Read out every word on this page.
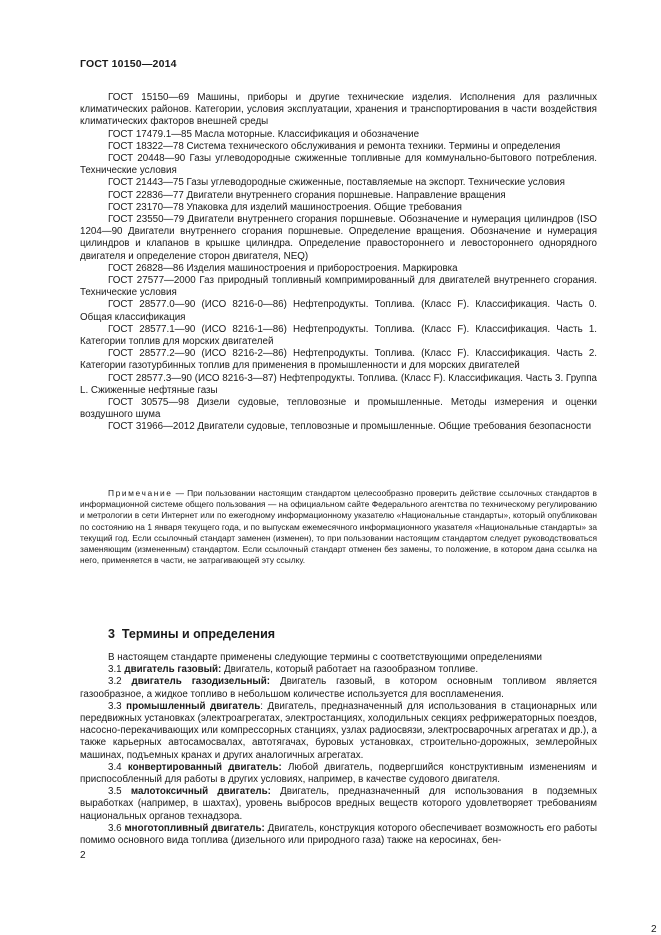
ГОСТ 10150—2014

ГОСТ 15150—69 Машины, приборы и другие технические изделия. Исполнения для различных климатических районов. Категории, условия эксплуатации, хранения и транспортирования в части воздействия климатических факторов внешней среды

ГОСТ 17479.1—85 Масла моторные. Классификация и обозначение

ГОСТ 18322—78 Система технического обслуживания и ремонта техники. Термины и определения

ГОСТ 20448—90 Газы углеводородные сжиженные топливные для коммунально-бытового потребления. Технические условия

ГОСТ 21443—75 Газы углеводородные сжиженные, поставляемые на экспорт. Технические условия

ГОСТ 22836—77 Двигатели внутреннего сгорания поршневые. Направление вращения

ГОСТ 23170—78 Упаковка для изделий машиностроения. Общие требования

ГОСТ 23550—79 Двигатели внутреннего сгорания поршневые. Обозначение и нумерация цилиндров (ISO 1204—90 Двигатели внутреннего сгорания поршневые. Определение вращения. Обозначение и нумерация цилиндров и клапанов в крышке цилиндра. Определение правостороннего и левостороннего однорядного двигателя и определение сторон двигателя, NEQ)

ГОСТ 26828—86 Изделия машиностроения и приборостроения. Маркировка

ГОСТ 27577—2000 Газ природный топливный компримированный для двигателей внутреннего сгорания. Технические условия

ГОСТ 28577.0—90 (ИСО 8216-0—86) Нефтепродукты. Топлива. (Класс F). Классификация. Часть 0. Общая классификация

ГОСТ 28577.1—90 (ИСО 8216-1—86) Нефтепродукты. Топлива. (Класс F). Классификация. Часть 1. Категории топлив для морских двигателей

ГОСТ 28577.2—90 (ИСО 8216-2—86) Нефтепродукты. Топлива. (Класс F). Классификация. Часть 2. Категории газотурбинных топлив для применения в промышленности и для морских двигателей

ГОСТ 28577.3—90 (ИСО 8216-3—87) Нефтепродукты. Топлива. (Класс F). Классификация. Часть 3. Группа L. Сжиженные нефтяные газы

ГОСТ 30575—98 Дизели судовые, тепловозные и промышленные. Методы измерения и оценки воздушного шума

ГОСТ 31966—2012 Двигатели судовые, тепловозные и промышленные. Общие требования безопасности

Примечание — При пользовании настоящим стандартом целесообразно проверить действие ссылочных стандартов в информационной системе общего пользования — на официальном сайте Федерального агентства по техническому регулированию и метрологии в сети Интернет или по ежегодному информационному указателю «Национальные стандарты», который опубликован по состоянию на 1 января текущего года, и по выпускам ежемесячного информационного указателя «Национальные стандарты» за текущий год. Если ссылочный стандарт заменен (изменен), то при пользовании настоящим стандартом следует руководствоваться заменяющим (измененным) стандартом. Если ссылочный стандарт отменен без замены, то положение, в котором дана ссылка на него, применяется в части, не затрагивающей эту ссылку.

3 Термины и определения

В настоящем стандарте применены следующие термины с соответствующими определениями

3.1 двигатель газовый: Двигатель, который работает на газообразном топливе.

3.2 двигатель газодизельный: Двигатель газовый, в котором основным топливом является газообразное, а жидкое топливо в небольшом количестве используется для воспламенения.

3.3 промышленный двигатель: Двигатель, предназначенный для использования в стационарных или передвижных установках (электроагрегатах, электростанциях, холодильных секциях рефрижераторных поездов, насосно-перекачивающих или компрессорных станциях, узлах радиосвязи, электросварочных агрегатах и др.), а также карьерных автосамосвалах, автотягачах, буровых установках, строительно-дорожных, землеройных машинах, подъемных кранах и других аналогичных агрегатах.

3.4 конвертированный двигатель: Любой двигатель, подвергшийся конструктивным изменениям и приспособленный для работы в других условиях, например, в качестве судового двигателя.

3.5 малотоксичный двигатель: Двигатель, предназначенный для использования в подземных выработках (например, в шахтах), уровень выбросов вредных веществ которого удовлетворяет требованиям национальных органов технадзора.

3.6 многотопливный двигатель: Двигатель, конструкция которого обеспечивает возможность его работы помимо основного вида топлива (дизельного или природного газа) также на керосинах, бен-

2
2
